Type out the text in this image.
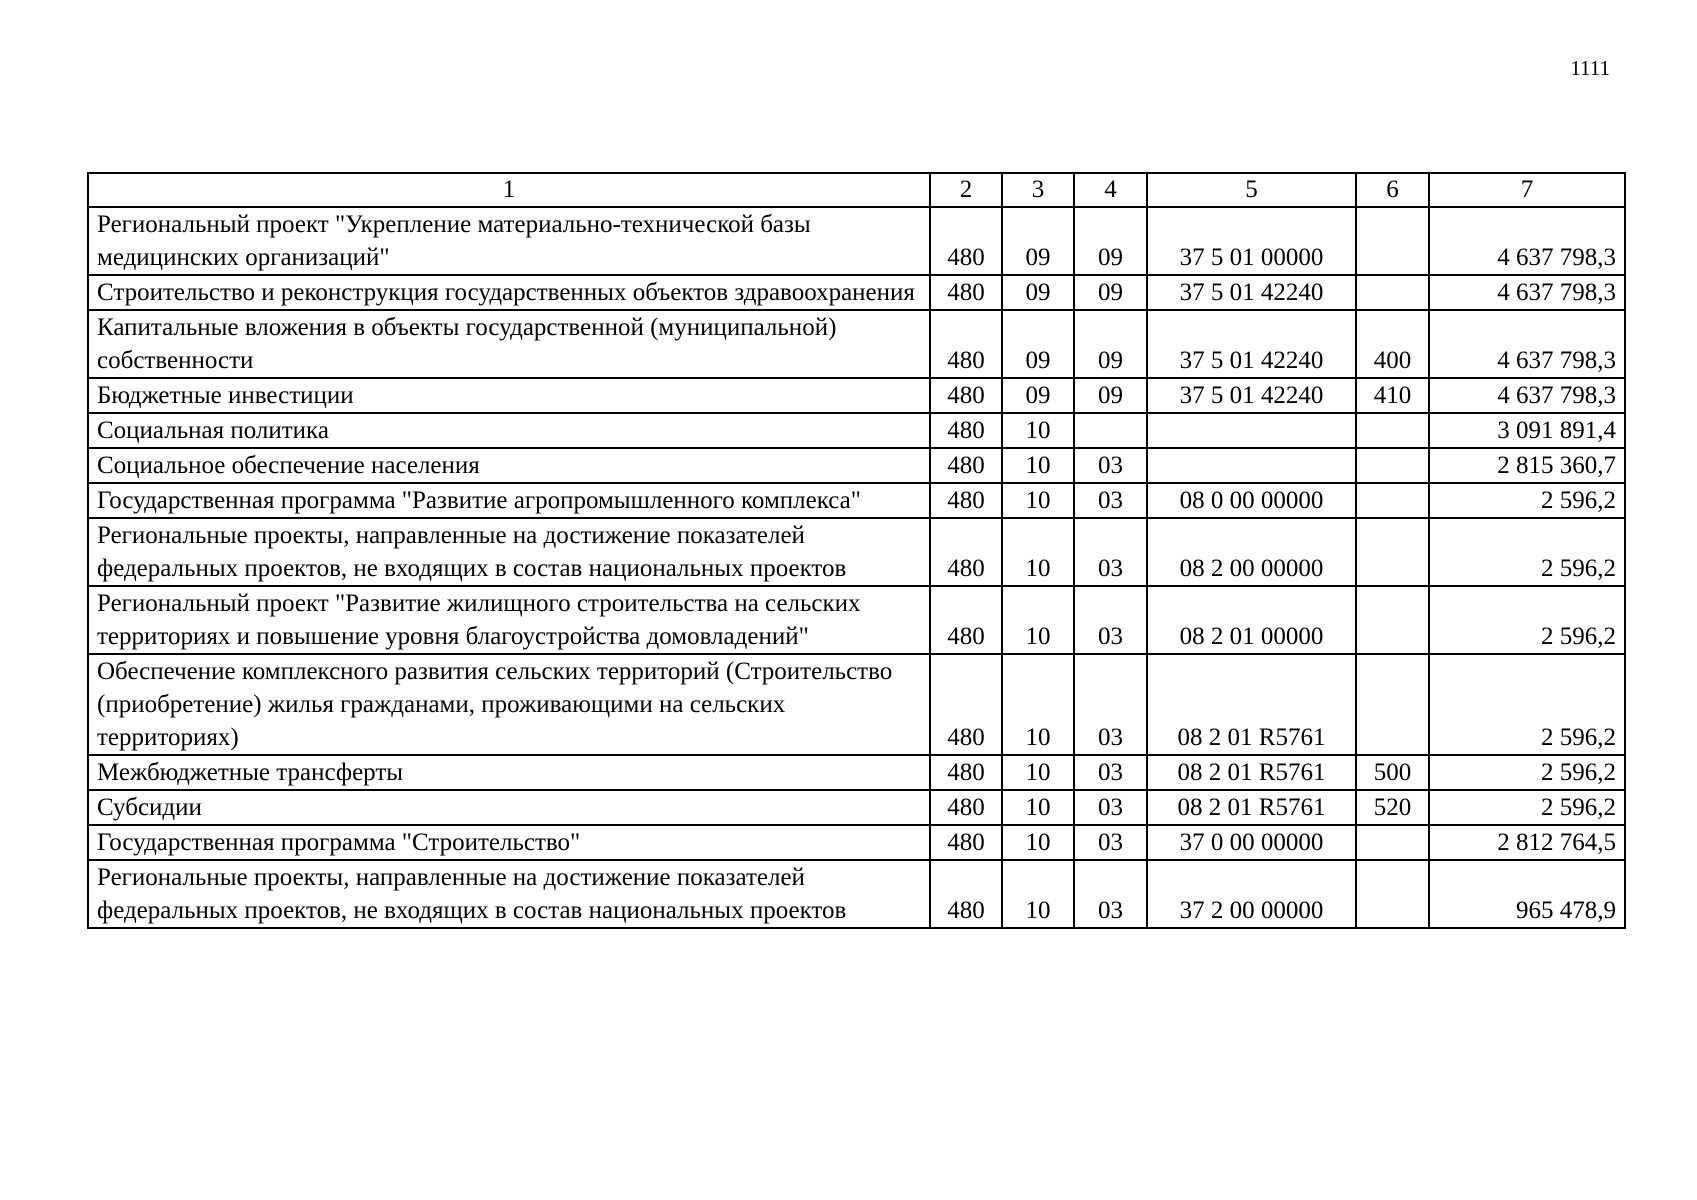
1111
1	2	3	4	5	6	7
Региональный проект "Укрепление материально-технической базы медицинских организаций"	480	09	09	37 5 01 00000		4 637 798,3
Строительство и реконструкция государственных объектов здравоохранения	480	09	09	37 5 01 42240		4 637 798,3
Капитальные вложения в объекты государственной (муниципальной) собственности	480	09	09	37 5 01 42240	400	4 637 798,3
Бюджетные инвестиции	480	09	09	37 5 01 42240	410	4 637 798,3
Социальная политика	480	10				3 091 891,4
Социальное обеспечение населения	480	10	03			2 815 360,7
Государственная программа "Развитие агропромышленного комплекса"	480	10	03	08 0 00 00000		2 596,2
Региональные проекты, направленные на достижение показателей федеральных проектов, не входящих в состав национальных проектов	480	10	03	08 2 00 00000		2 596,2
Региональный проект "Развитие жилищного строительства на сельских территориях и повышение уровня благоустройства домовладений"	480	10	03	08 2 01 00000		2 596,2
Обеспечение комплексного развития сельских территорий (Строительство (приобретение) жилья гражданами, проживающими на сельских территориях)	480	10	03	08 2 01 R5761		2 596,2
Межбюджетные трансферты	480	10	03	08 2 01 R5761	500	2 596,2
Субсидии	480	10	03	08 2 01 R5761	520	2 596,2
Государственная программа "Строительство"	480	10	03	37 0 00 00000		2 812 764,5
Региональные проекты, направленные на достижение показателей федеральных проектов, не входящих в состав национальных проектов	480	10	03	37 2 00 00000		965 478,9
